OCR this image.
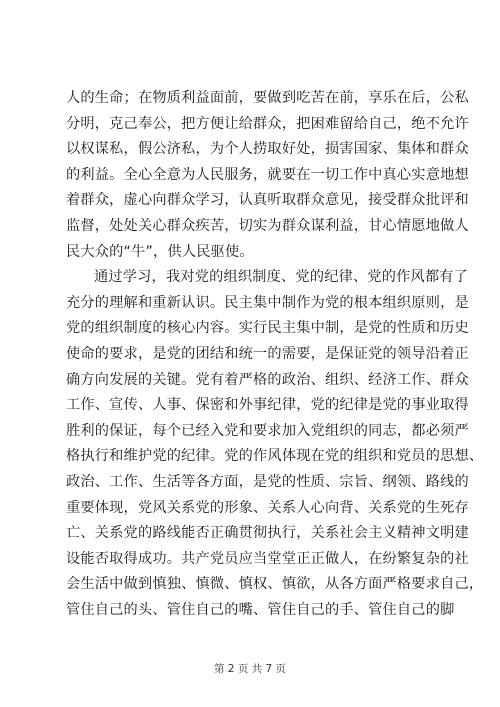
人的生命；在物质利益面前，要做到吃苦在前，享乐在后，公私
分明，克己奉公，把方便让给群众，把困难留给自己，绝不允许
以权谋私，假公济私，为个人捞取好处，损害国家、集体和群众
的利益。全心全意为人民服务，就要在一切工作中真心实意地想
着群众，虚心向群众学习，认真听取群众意见，接受群众批评和
监督，处处关心群众疾苦，切实为群众谋利益，甘心情愿地做人
民大众的“牛”，供人民驱使。
通过学习，我对党的组织制度、党的纪律、党的作风都有了
充分的理解和重新认识。民主集中制作为党的根本组织原则，是
党的组织制度的核心内容。实行民主集中制，是党的性质和历史
使命的要求，是党的团结和统一的需要，是保证党的领导沿着正
确方向发展的关键。党有着严格的政治、组织、经济工作、群众
工作、宣传、人事、保密和外事纪律，党的纪律是党的事业取得
胜利的保证，每个已经入党和要求加入党组织的同志，都必须严
格执行和维护党的纪律。党的作风体现在党的组织和党员的思想、
政治、工作、生活等各方面，是党的性质、宗旨、纲领、路线的
重要体现，党风关系党的形象、关系人心向背、关系党的生死存
亡、关系党的路线能否正确贯彻执行，关系社会主义精神文明建
设能否取得成功。共产党员应当堂堂正正做人，在纷繁复杂的社
会生活中做到慎独、慎微、慎权、慎欲，从各方面严格要求自己，
管住自己的头、管住自己的嘴、管住自己的手、管住自己的脚
第 2 页 共 7 页
